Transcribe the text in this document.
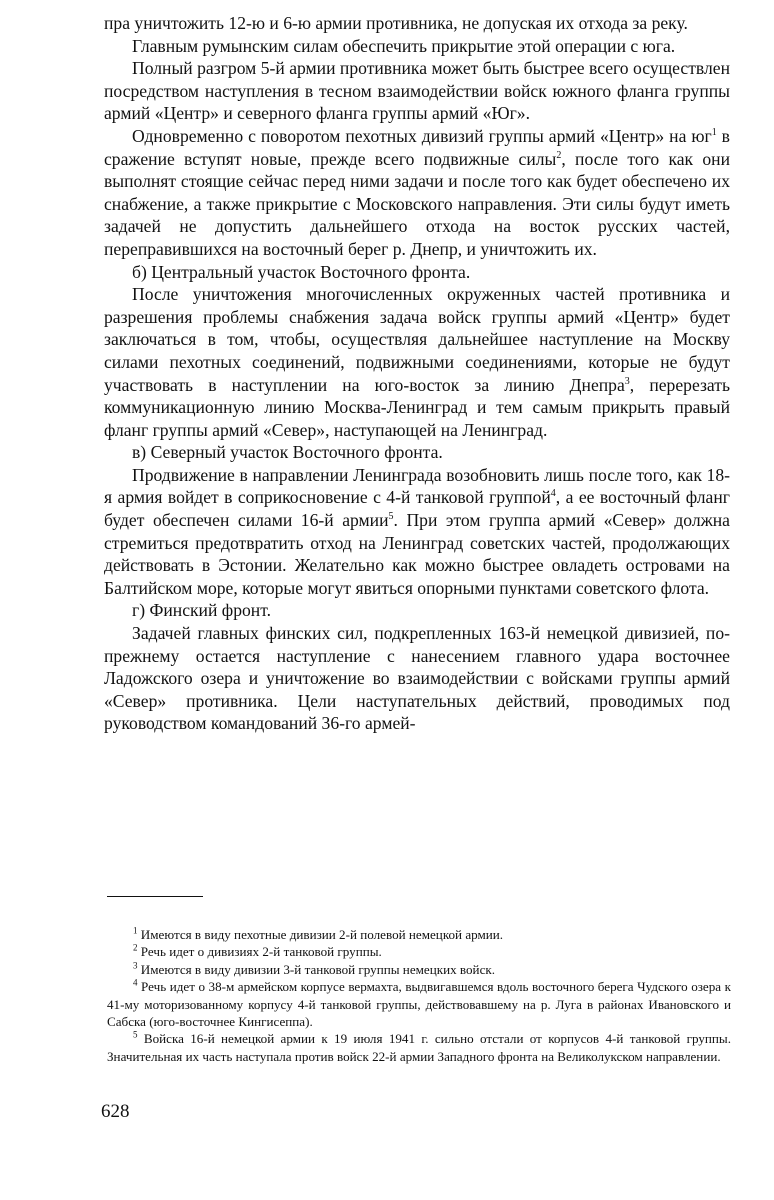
пра уничтожить 12-ю и 6-ю армии противника, не допуская их отхода за реку.

Главным румынским силам обеспечить прикрытие этой операции с юга.

Полный разгром 5-й армии противника может быть быстрее всего осуществлен посредством наступления в тесном взаимодействии войск южного фланга группы армий «Центр» и северного фланга группы армий «Юг».

Одновременно с поворотом пехотных дивизий группы армий «Центр» на $юг^1$ в сражение вступят новые, прежде всего подвижные силы$^2$, после того как они выполнят стоящие сейчас перед ними задачи и после того как будет обеспечено их снабжение, а также прикрытие с Московского направления. Эти силы будут иметь задачей не допустить дальнейшего отхода на восток русских частей, переправившихся на восточный берег р. Днепр, и уничтожить их.

б) Центральный участок Восточного фронта.

После уничтожения многочисленных окруженных частей противника и разрешения проблемы снабжения задача войск группы армий «Центр» будет заключаться в том, чтобы, осуществляя дальнейшее наступление на Москву силами пехотных соединений, подвижными соединениями, которые не будут участвовать в наступлении на юго-восток за линию Днепра$^3$, перерезать коммуникационную линию Москва-Ленинград и тем самым прикрыть правый фланг группы армий «Север», наступающей на Ленинград.

в) Северный участок Восточного фронта.

Продвижение в направлении Ленинграда возобновить лишь после того, как 18-я армия войдет в соприкосновение с 4-й танковой группой$^4$, а ее восточный фланг будет обеспечен силами 16-й армии$^5$. При этом группа армий «Север» должна стремиться предотвратить отход на Ленинград советских частей, продолжающих действовать в Эстонии. Желательно как можно быстрее овладеть островами на Балтийском море, которые могут явиться опорными пунктами советского флота.

г) Финский фронт.

Задачей главных финских сил, подкрепленных 163-й немецкой дивизией, по-прежнему остается наступление с нанесением главного удара восточнее Ладожского озера и уничтожение во взаимодействии с войсками группы армий «Север» противника. Цели наступательных действий, проводимых под руководством командований 36-го армей-

$^1$ Имеются в виду пехотные дивизии 2-й полевой немецкой армии.

$^2$ Речь идет о дивизиях 2-й танковой группы.

$^3$ Имеются в виду дивизии 3-й танковой группы немецких войск.

$^4$ Речь идет о 38-м армейском корпусе вермахта, выдвигавшемся вдоль восточного берега Чудского озера к 41-му моторизованному корпусу 4-й танковой группы, действовавшему на р. Луга в районах Ивановского и Сабска (юго-восточнее Кингисеппа).

$^5$ Войска 16-й немецкой армии к 19 июля 1941 г. сильно отстали от корпусов 4-й танковой группы. Значительная их часть наступала против войск 22-й армии Западного фронта на Великолукском направлении.

628
